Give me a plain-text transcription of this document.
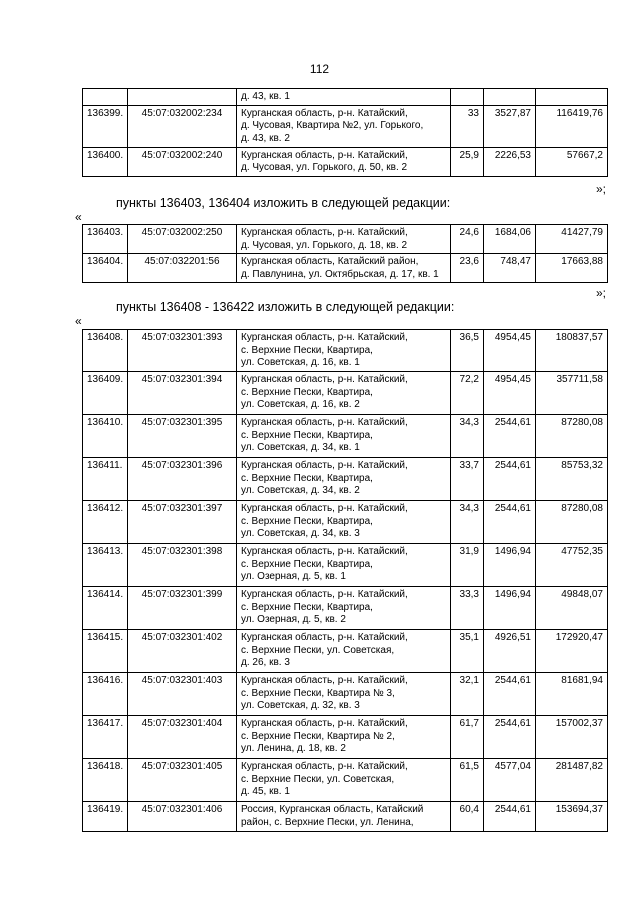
112

		д. 43, кв. 1			

136399.	45:07:032002:234	Курганская область, р-н. Катайский,
д. Чусовая, Квартира №2, ул. Горького,
д. 43, кв. 2	33	3527,87	116419,76
136400.	45:07:032002:240	Курганская область, р-н. Катайский,
д. Чусовая, ул. Горького, д. 50, кв. 2	25,9	2226,53	57667,2
»;
пункты 136403, 136404 изложить в следующей редакции:
«
136403.	45:07:032002:250	Курганская область, р-н. Катайский,
д. Чусовая, ул. Горького, д. 18, кв. 2	24,6	1684,06	41427,79
136404.	45:07:032201:56	Курганская область, Катайский район,
д. Павлунина, ул. Октябрьская, д. 17, кв. 1	23,6	748,47	17663,88
»;
пункты 136408 - 136422 изложить в следующей редакции:
«
136408.	45:07:032301:393	Курганская область, р-н. Катайский,
с. Верхние Пески, Квартира,
ул. Советская, д. 16, кв. 1	36,5	4954,45	180837,57
136409.	45:07:032301:394	Курганская область, р-н. Катайский,
с. Верхние Пески, Квартира,
ул. Советская, д. 16, кв. 2	72,2	4954,45	357711,58
136410.	45:07:032301:395	Курганская область, р-н. Катайский,
с. Верхние Пески, Квартира,
ул. Советская, д. 34, кв. 1	34,3	2544,61	87280,08
136411.	45:07:032301:396	Курганская область, р-н. Катайский,
с. Верхние Пески, Квартира,
ул. Советская, д. 34, кв. 2	33,7	2544,61	85753,32
136412.	45:07:032301:397	Курганская область, р-н. Катайский,
с. Верхние Пески, Квартира,
ул. Советская, д. 34, кв. 3	34,3	2544,61	87280,08
136413.	45:07:032301:398	Курганская область, р-н. Катайский,
с. Верхние Пески, Квартира,
ул. Озерная, д. 5, кв. 1	31,9	1496,94	47752,35
136414.	45:07:032301:399	Курганская область, р-н. Катайский,
с. Верхние Пески, Квартира,
ул. Озерная, д. 5, кв. 2	33,3	1496,94	49848,07
136415.	45:07:032301:402	Курганская область, р-н. Катайский,
с. Верхние Пески, ул. Советская,
д. 26, кв. 3	35,1	4926,51	172920,47
136416.	45:07:032301:403	Курганская область, р-н. Катайский,
с. Верхние Пески, Квартира № 3,
ул. Советская, д. 32, кв. 3	32,1	2544,61	81681,94
136417.	45:07:032301:404	Курганская область, р-н. Катайский,
с. Верхние Пески, Квартира № 2,
ул. Ленина, д. 18, кв. 2	61,7	2544,61	157002,37
136418.	45:07:032301:405	Курганская область, р-н. Катайский,
с. Верхние Пески, ул. Советская,
д. 45, кв. 1	61,5	4577,04	281487,82
136419.	45:07:032301:406	Россия, Курганская область, Катайский
район, с. Верхние Пески, ул. Ленина,	60,4	2544,61	153694,37
